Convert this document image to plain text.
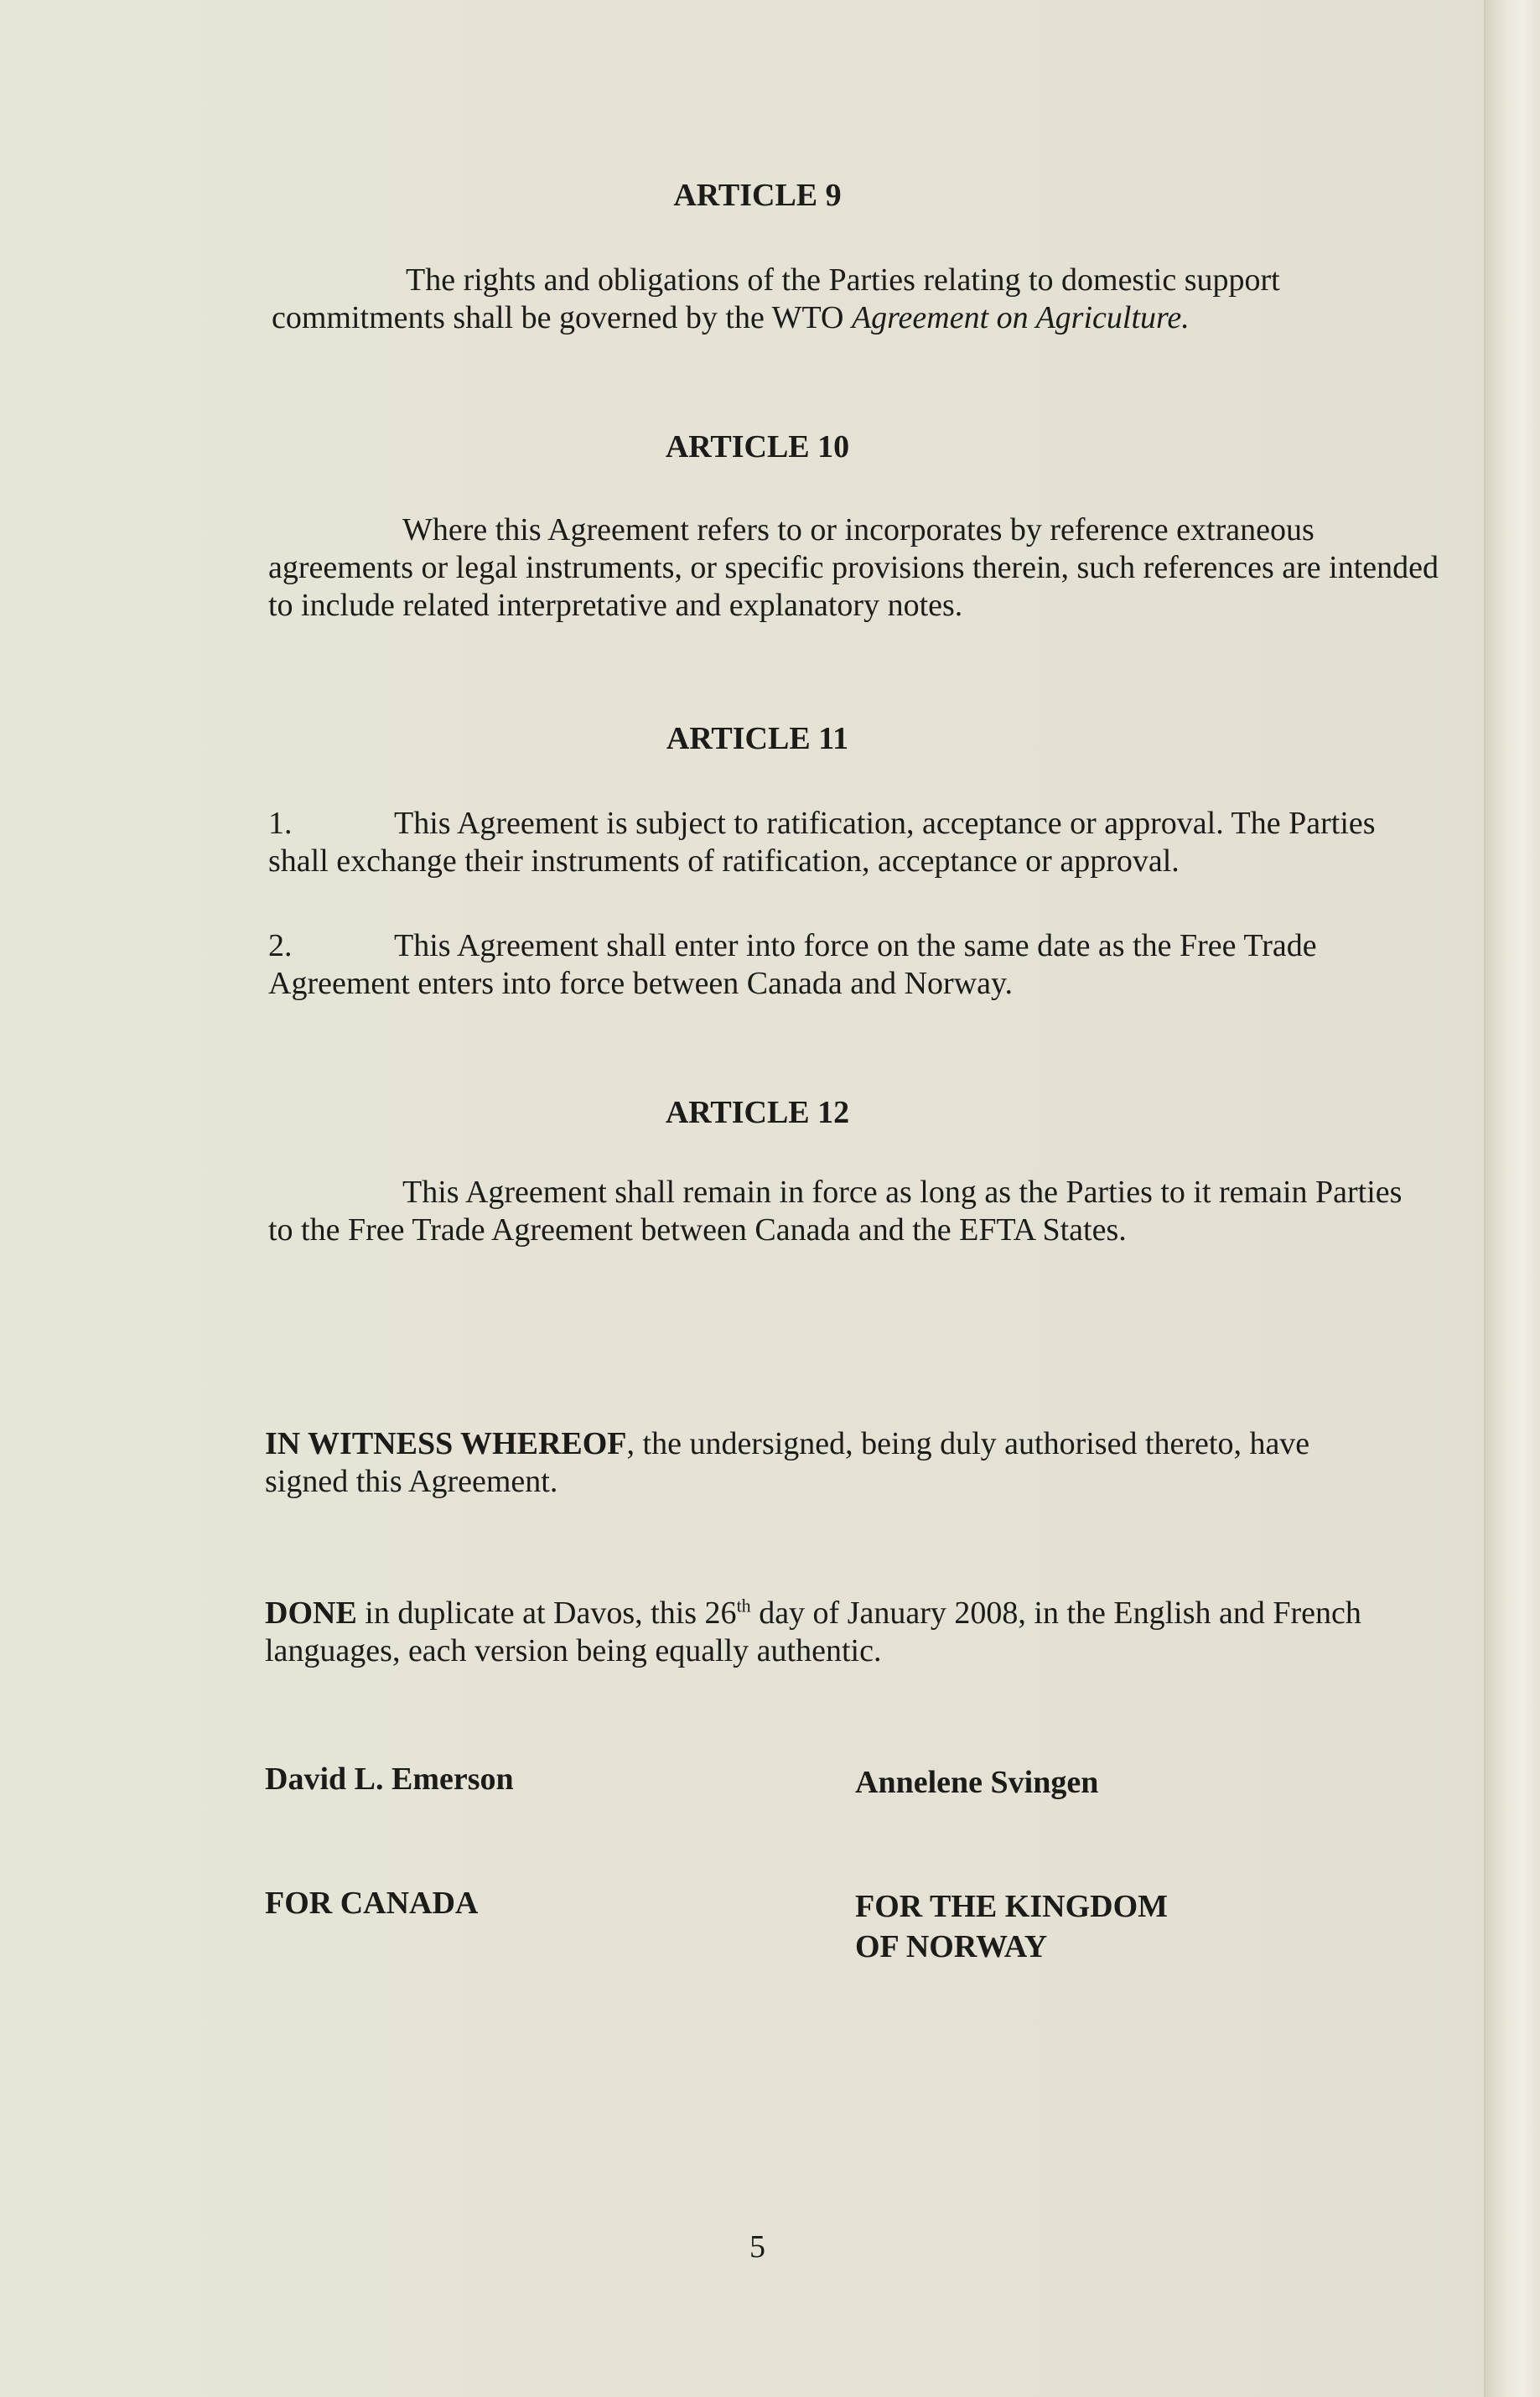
ARTICLE 9

The rights and obligations of the Parties relating to domestic support commitments shall be governed by the WTO Agreement on Agriculture.

ARTICLE 10

Where this Agreement refers to or incorporates by reference extraneous agreements or legal instruments, or specific provisions therein, such references are intended to include related interpretative and explanatory notes.

ARTICLE 11

1.	This Agreement is subject to ratification, acceptance or approval. The Parties shall exchange their instruments of ratification, acceptance or approval.

2.	This Agreement shall enter into force on the same date as the Free Trade Agreement enters into force between Canada and Norway.

ARTICLE 12

This Agreement shall remain in force as long as the Parties to it remain Parties to the Free Trade Agreement between Canada and the EFTA States.

IN WITNESS WHEREOF, the undersigned, being duly authorised thereto, have signed this Agreement.

DONE in duplicate at Davos, this 26th day of January 2008, in the English and French languages, each version being equally authentic.

David L. Emerson	Annelene Svingen

FOR CANADA	FOR THE KINGDOM
OF NORWAY

5
